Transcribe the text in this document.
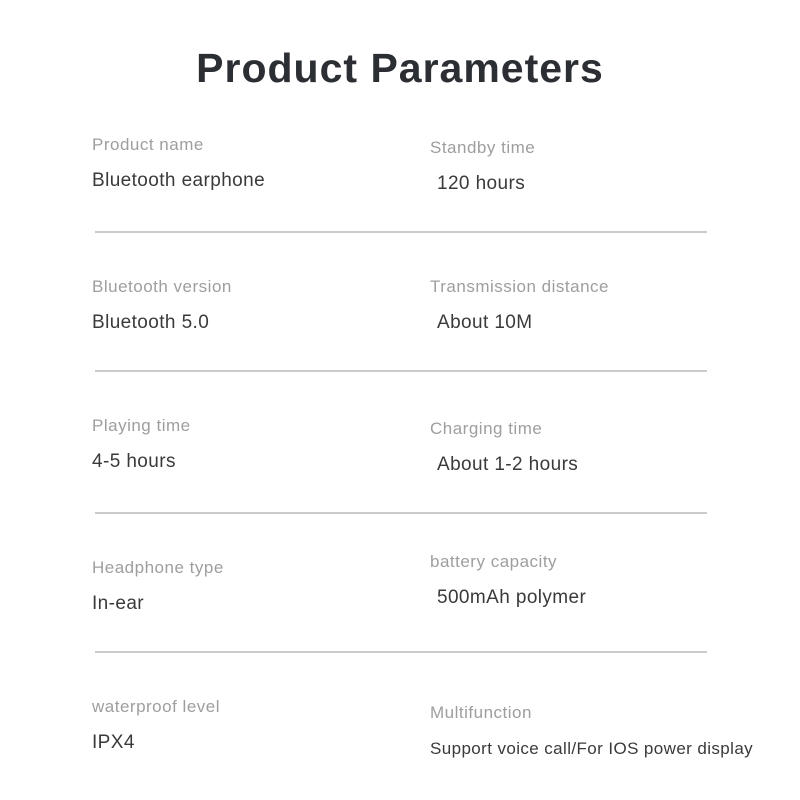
Product Parameters

Product name

Bluetooth earphone

Standby time

120 hours

Bluetooth version

Bluetooth 5.0

Transmission distance

About 10M

Playing time

4-5 hours

Charging time

About 1-2 hours

Headphone type

In-ear

battery capacity

500mAh polymer

waterproof level

IPX4

Multifunction

Support voice call/For IOS power display
